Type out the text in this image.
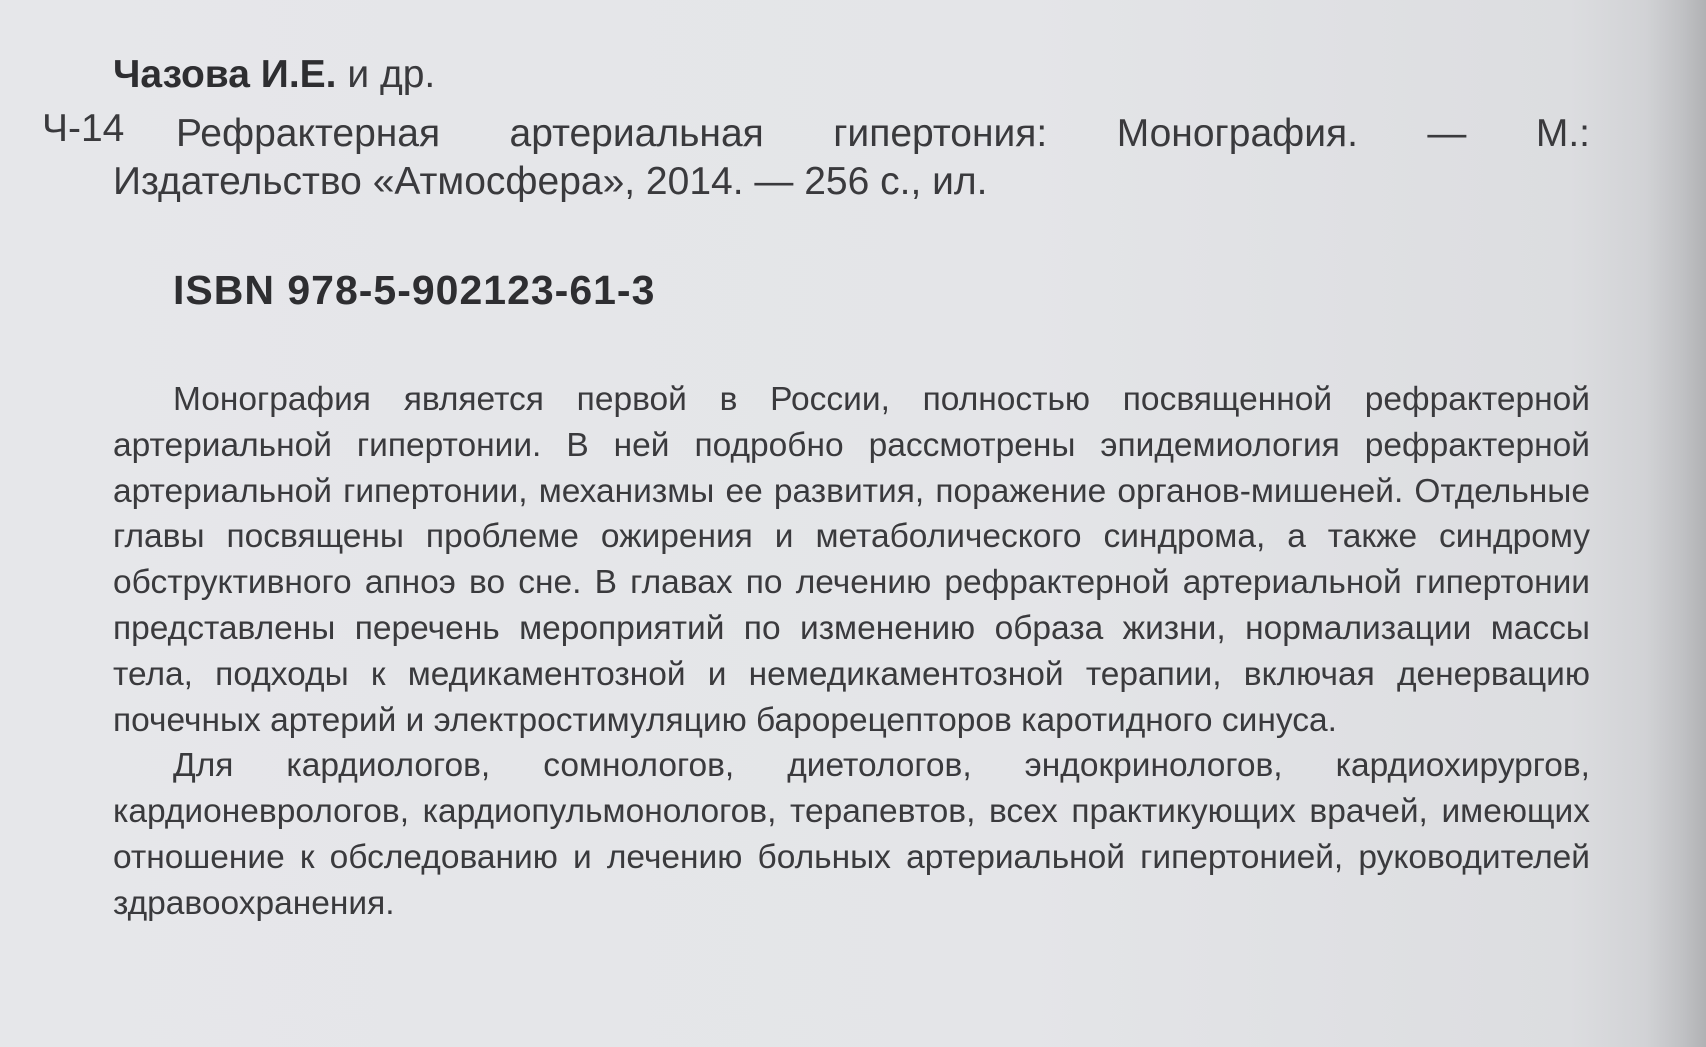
Чазова И.Е. и др.
Ч-14 Рефрактерная артериальная гипертония: Монография. — М.:
Издательство «Атмосфера», 2014. — 256 с., ил.
ISBN 978-5-902123-61-3

Монография является первой в России, полностью посвященной рефрактерной артериальной гипертонии. В ней подробно рассмотрены эпидемиология рефрактерной артериальной гипертонии, механизмы ее развития, поражение органов-мишеней. Отдельные главы посвящены проблеме ожирения и метаболического синдрома, а также синдрому обструктивного апноэ во сне. В главах по лечению рефрактерной артериальной гипертонии представлены перечень мероприятий по изменению образа жизни, нормализации массы тела, подходы к медикаментозной и немедикаментозной терапии, включая денервацию почечных артерий и электростимуляцию барорецепторов каротидного синуса.

Для кардиологов, сомнологов, диетологов, эндокринологов, кардиохирургов, кардионеврологов, кардиопульмонологов, терапевтов, всех практикующих врачей, имеющих отношение к обследованию и лечению больных артериальной гипертонией, руководителей здравоохранения.
